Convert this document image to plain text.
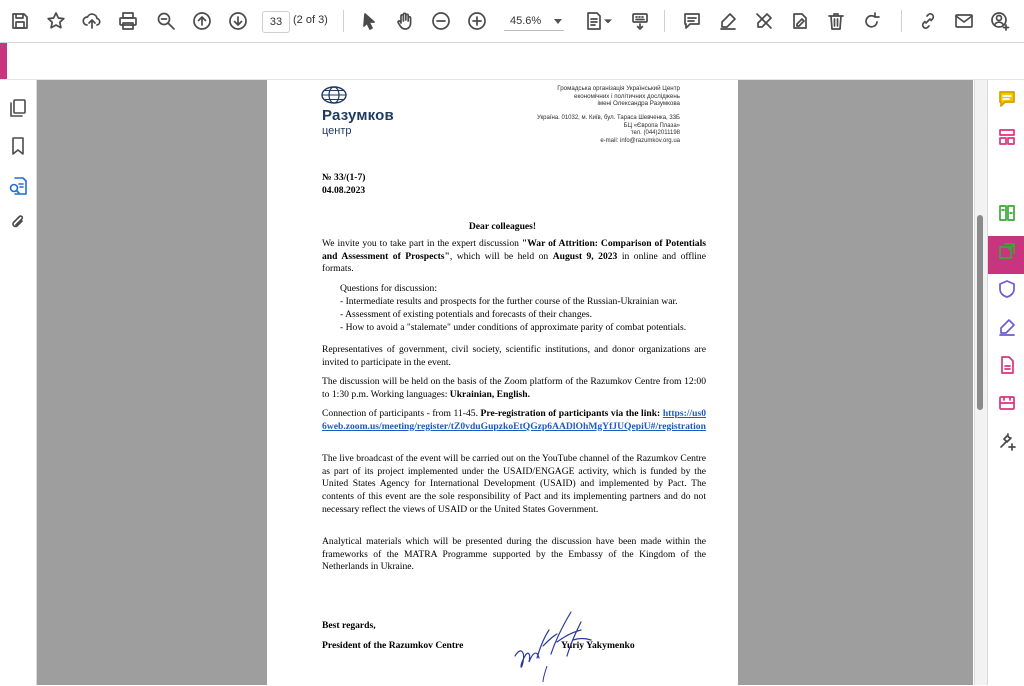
33 (2 of 3)	45.6%
Разумков
центр
Громадська організація Український Центр
економічних і політичних досліджень
імені Олександра Разумкова
Україна. 01032, м. Київ, бул. Тараса Шевченка, 33Б
БЦ «Європа Плаза»
тел. (044)2011198
e-mail: info@razumkov.org.ua
№ 33/(1-7)
04.08.2023
Dear colleagues!
We invite you to take part in the expert discussion "War of Attrition: Comparison of Potentials and Assessment of Prospects", which will be held on August 9, 2023 in online and offline formats.
Questions for discussion:
- Intermediate results and prospects for the further course of the Russian-Ukrainian war.
- Assessment of existing potentials and forecasts of their changes.
- How to avoid a "stalemate" under conditions of approximate parity of combat potentials.
Representatives of government, civil society, scientific institutions, and donor organizations are invited to participate in the event.
The discussion will be held on the basis of the Zoom platform of the Razumkov Centre from 12:00 to 1:30 p.m. Working languages: Ukrainian, English.
Connection of participants - from 11-45. Pre-registration of participants via the link: https://us06web.zoom.us/meeting/register/tZ0vduGupzkoEtQGzp6AADlOhMgYfJUQepiU#/registration
The live broadcast of the event will be carried out on the YouTube channel of the Razumkov Centre as part of its project implemented under the USAID/ENGAGE activity, which is funded by the United States Agency for International Development (USAID) and implemented by Pact. The contents of this event are the sole responsibility of Pact and its implementing partners and do not necessary reflect the views of USAID or the United States Government.
Analytical materials which will be presented during the discussion have been made within the frameworks of the MATRA Programme supported by the Embassy of the Kingdom of the Netherlands in Ukraine.
Best regards,
President of the Razumkov Centre	Yuriy Yakymenko
